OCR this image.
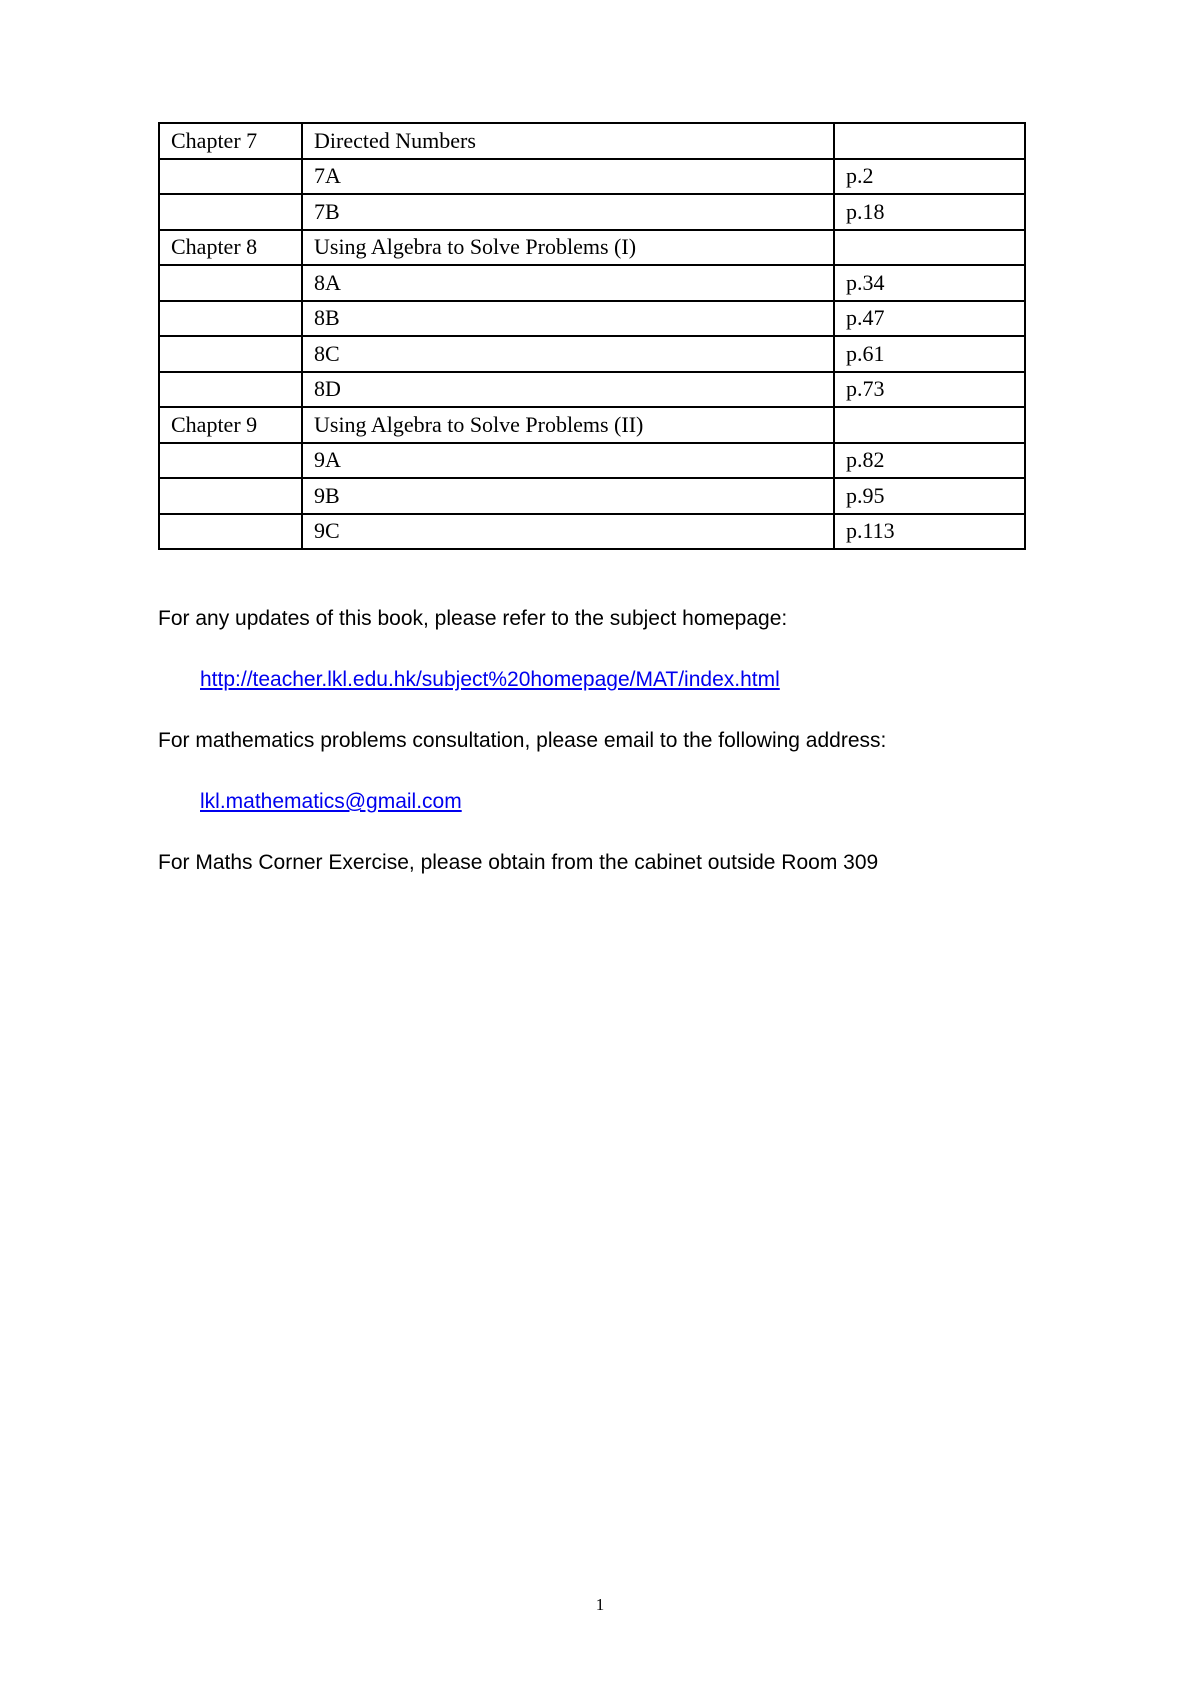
Chapter 7	Directed Numbers	
	7A	p.2
	7B	p.18
Chapter 8	Using Algebra to Solve Problems (I)	
	8A	p.34
	8B	p.47
	8C	p.61
	8D	p.73
Chapter 9	Using Algebra to Solve Problems (II)	
	9A	p.82
	9B	p.95
	9C	p.113

For any updates of this book, please refer to the subject homepage:

http://teacher.lkl.edu.hk/subject%20homepage/MAT/index.html

For mathematics problems consultation, please email to the following address:

lkl.mathematics@gmail.com

For Maths Corner Exercise, please obtain from the cabinet outside Room 309

1
